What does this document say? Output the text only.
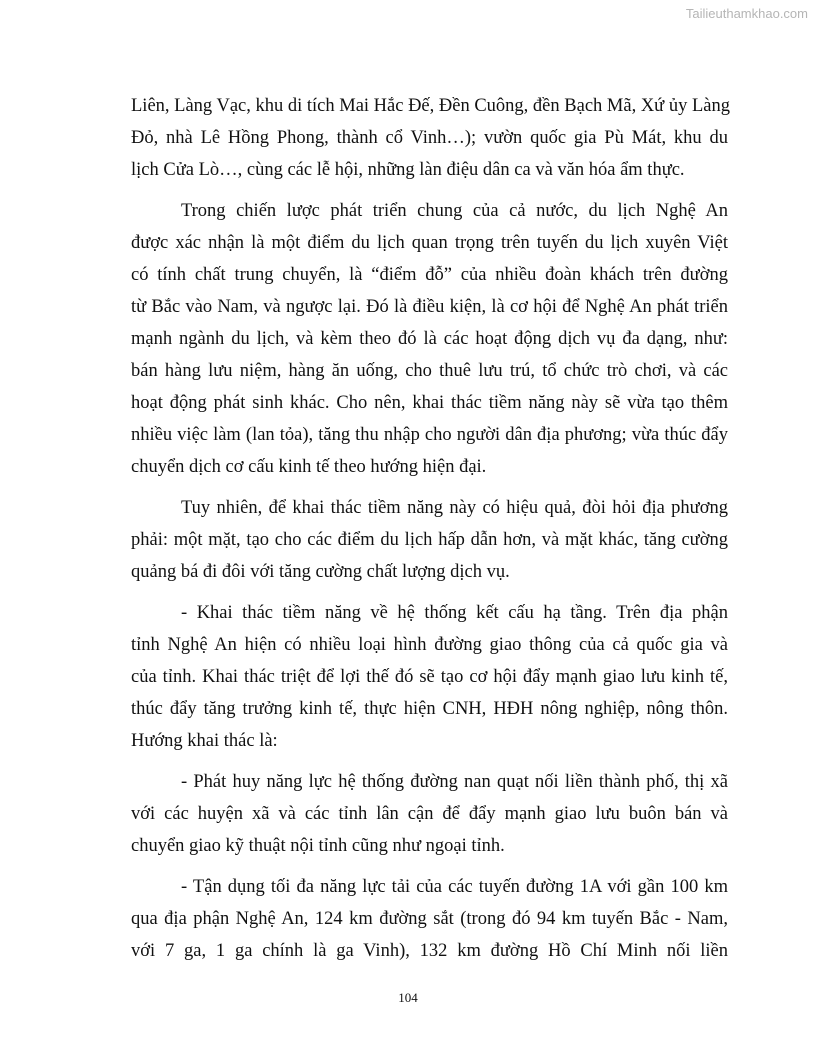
Tailieuthamkhao.com
Liên, Làng Vạc, khu di tích Mai Hắc Đế, Đền Cuông, đền Bạch Mã, Xứ ủy Làng
Đỏ, nhà Lê Hồng Phong, thành cổ Vinh…); vườn quốc gia Pù Mát, khu du
lịch Cửa Lò…, cùng các lễ hội, những làn điệu dân ca và văn hóa ẩm thực.
Trong chiến lược phát triển chung của cả nước, du lịch Nghệ An
được xác nhận là một điểm du lịch quan trọng trên tuyến du lịch xuyên Việt
có tính chất trung chuyển, là “điểm đỗ” của nhiều đoàn khách trên đường
từ Bắc vào Nam, và ngược lại. Đó là điều kiện, là cơ hội để Nghệ An phát triển
mạnh ngành du lịch, và kèm theo đó là các hoạt động dịch vụ đa dạng, như:
bán hàng lưu niệm, hàng ăn uống, cho thuê lưu trú, tổ chức trò chơi, và các
hoạt động phát sinh khác. Cho nên, khai thác tiềm năng này sẽ vừa tạo thêm
nhiều việc làm (lan tỏa), tăng thu nhập cho người dân địa phương; vừa thúc đẩy
chuyển dịch cơ cấu kinh tế theo hướng hiện đại.
Tuy nhiên, để khai thác tiềm năng này có hiệu quả, đòi hỏi địa phương
phải: một mặt, tạo cho các điểm du lịch hấp dẫn hơn, và mặt khác, tăng cường
quảng bá đi đôi với tăng cường chất lượng dịch vụ.
- Khai thác tiềm năng về hệ thống kết cấu hạ tầng. Trên địa phận
tỉnh Nghệ An hiện có nhiều loại hình đường giao thông của cả quốc gia và
của tỉnh. Khai thác triệt để lợi thế đó sẽ tạo cơ hội đẩy mạnh giao lưu kinh tế,
thúc đẩy tăng trưởng kinh tế, thực hiện CNH, HĐH nông nghiệp, nông thôn.
Hướng khai thác là:
- Phát huy năng lực hệ thống đường nan quạt nối liền thành phố, thị xã
với các huyện xã và các tỉnh lân cận để đẩy mạnh giao lưu buôn bán và
chuyển giao kỹ thuật nội tỉnh cũng như ngoại tỉnh.
- Tận dụng tối đa năng lực tải của các tuyến đường 1A với gần 100 km
qua địa phận Nghệ An, 124 km đường sắt (trong đó 94 km tuyến Bắc - Nam,
với 7 ga, 1 ga chính là ga Vinh), 132 km đường Hồ Chí Minh nối liền
104
